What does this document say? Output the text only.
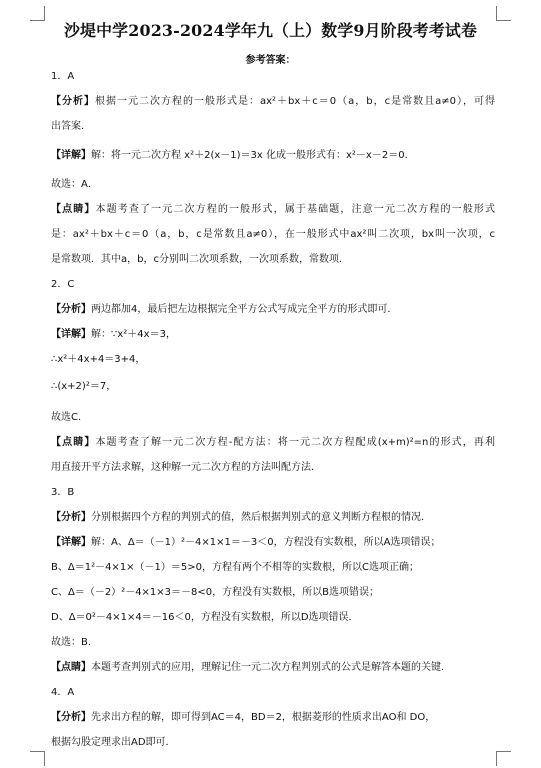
沙堤中学2023-2024学年九（上）数学9月阶段考考试卷
参考答案：
1．A
【分析】根据一元二次方程的一般形式是：ax²＋bx＋c＝0（a，b，c是常数且a≠0），可得
出答案．
【详解】解：将一元二次方程 x²＋2(x－1)＝3x 化成一般形式有：x²－x－2＝0．
故选：A．
【点睛】本题考查了一元二次方程的一般形式，属于基础题，注意一元二次方程的一般形式
是：ax²＋bx＋c＝0（a，b，c是常数且a≠0），在一般形式中ax²叫二次项，bx叫一次项，c
是常数项．其中a，b，c分别叫二次项系数，一次项系数，常数项．
2．C
【分析】两边都加4，最后把左边根据完全平方公式写成完全平方的形式即可．
【详解】解：∵x²＋4x＝3，
∴x²＋4x+4＝3+4，
∴(x+2)²＝7，
故选C．
【点睛】本题考查了解一元二次方程-配方法：将一元二次方程配成(x+m)²=n的形式，再利
用直接开平方法求解，这种解一元二次方程的方法叫配方法．
3．B
【分析】分别根据四个方程的判别式的值，然后根据判别式的意义判断方程根的情况．
【详解】解：A、Δ＝（－1）²－4×1×1＝－3＜0，方程没有实数根，所以A选项错误；
B、Δ＝1²－4×1×（－1）＝5>0，方程有两个不相等的实数根，所以C选项正确；
C、Δ＝（－2）²－4×1×3＝－8<0，方程没有实数根，所以B选项错误；
D、Δ＝0²－4×1×4＝－16＜0，方程没有实数根，所以D选项错误．
故选：B．
【点睛】本题考查判别式的应用，理解记住一元二次方程判别式的公式是解答本题的关键．
4．A
【分析】先求出方程的解，即可得到AC＝4，BD＝2，根据菱形的性质求出AO和 DO，
根据勾股定理求出AD即可．
